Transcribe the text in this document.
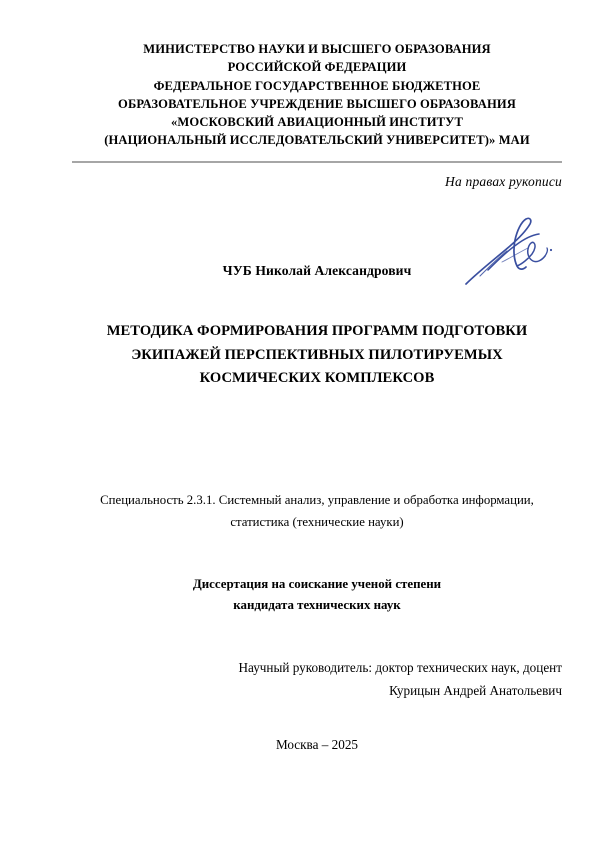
МИНИСТЕРСТВО НАУКИ И ВЫСШЕГО ОБРАЗОВАНИЯ
РОССИЙСКОЙ ФЕДЕРАЦИИ
ФЕДЕРАЛЬНОЕ ГОСУДАРСТВЕННОЕ БЮДЖЕТНОЕ
ОБРАЗОВАТЕЛЬНОЕ УЧРЕЖДЕНИЕ ВЫСШЕГО ОБРАЗОВАНИЯ
«МОСКОВСКИЙ АВИАЦИОННЫЙ ИНСТИТУТ
(НАЦИОНАЛЬНЫЙ ИССЛЕДОВАТЕЛЬСКИЙ УНИВЕРСИТЕТ)» МАИ
На правах рукописи
ЧУБ Николай Александрович
МЕТОДИКА ФОРМИРОВАНИЯ ПРОГРАММ ПОДГОТОВКИ
ЭКИПАЖЕЙ ПЕРСПЕКТИВНЫХ ПИЛОТИРУЕМЫХ
КОСМИЧЕСКИХ КОМПЛЕКСОВ
Специальность 2.3.1. Системный анализ, управление и обработка информации,
статистика (технические науки)
Диссертация на соискание ученой степени
кандидата технических наук
Научный руководитель: доктор технических наук, доцент
Курицын Андрей Анатольевич
Москва – 2025
